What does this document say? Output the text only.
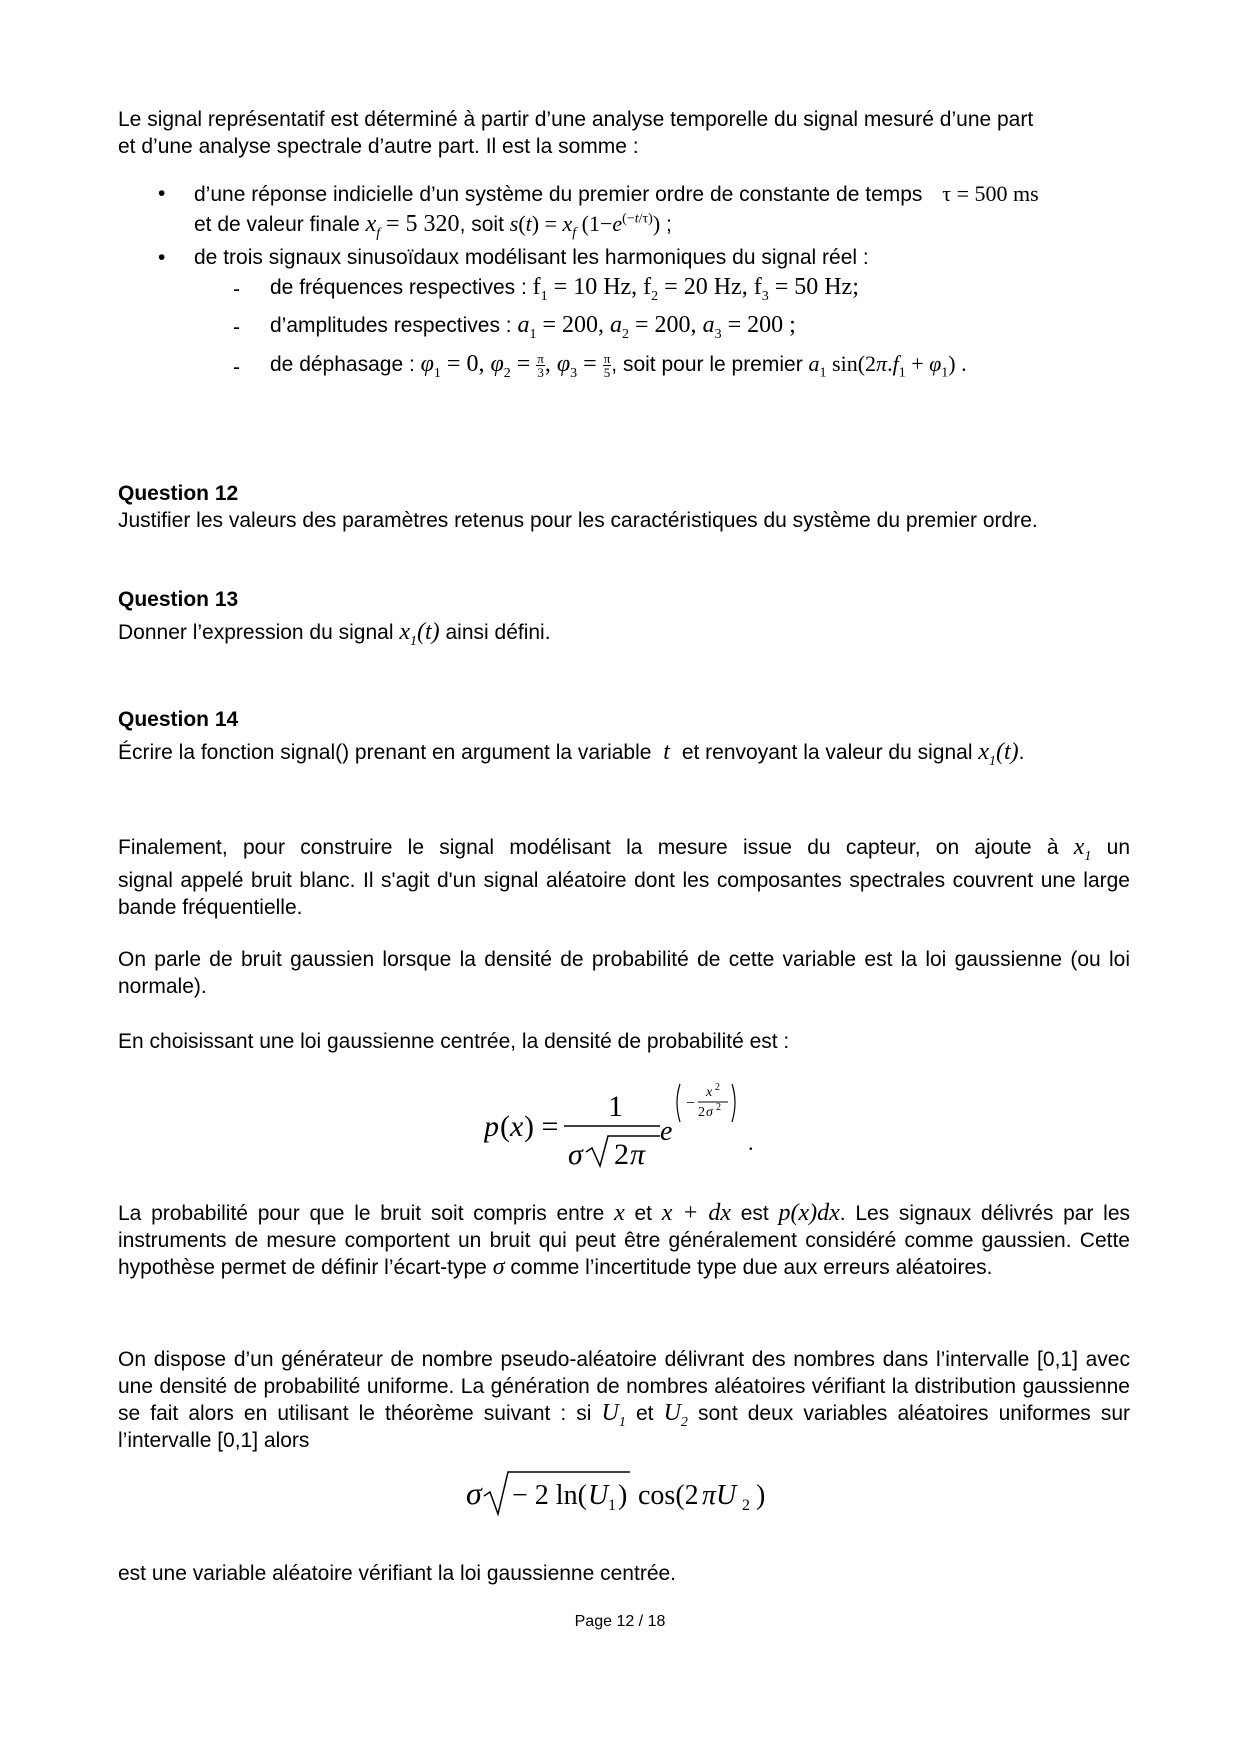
Le signal représentatif est déterminé à partir d’une analyse temporelle du signal mesuré d’une part
et d’une analyse spectrale d’autre part. Il est la somme :
• d’une réponse indicielle d’un système du premier ordre de constante de temps τ = 500 ms
et de valeur finale $x_f = 5$ 320, soit $s(t) = x_f$ $(1-e^{(-t/\tau)})$ ;
• de trois signaux sinusoïdaux modélisant les harmoniques du signal réel :
- de fréquences respectives : $f_1 = 10$ Hz, $f_2 = 20$ Hz, $f_3 = 50$ Hz;
- d’amplitudes respectives : $a_1 = 200$, $a_2 = 200$, $a_3 = 200$ ;
- de déphasage : $\varphi_1 = 0$, $\varphi_2 = \frac{\pi}{3}$ , $\varphi_3 = \frac{\pi}{5}$ , soit pour le premier $a_1$ $\sin(2\pi.f_1 + \varphi_1)$ .
Question 12
Justifier les valeurs des paramètres retenus pour les caractéristiques du système du premier ordre.
Question 13
Donner l’expression du signal $x_1(t)$ ainsi défini.
Question 14
Écrire la fonction signal() prenant en argument la variable t et renvoyant la valeur du signal $x_1(t)$.
Finalement, pour construire le signal modélisant la mesure issue du capteur, on ajoute à $x_1$ un
signal appelé bruit blanc. Il s'agit d'un signal aléatoire dont les composantes spectrales couvrent une large bande fréquentielle.
On parle de bruit gaussien lorsque la densité de probabilité de cette variable est la loi gaussienne (ou loi normale).
En choisissant une loi gaussienne centrée, la densité de probabilité est :
p ( x ) =
1
σ 2 π
e
−
x 2
2 σ 2
.
La probabilité pour que le bruit soit compris entre x et x + dx est p(x)dx. Les signaux délivrés par les instruments de mesure comportent un bruit qui peut être généralement considéré comme gaussien. Cette hypothèse permet de définir l’écart-type σ comme l’incertitude type due aux erreurs aléatoires.
On dispose d’un générateur de nombre pseudo-aléatoire délivrant des nombres dans l’intervalle [0,1] avec une densité de probabilité uniforme. La génération de nombres aléatoires vérifiant la distribution gaussienne se fait alors en utilisant le théorème suivant : si $U_1$ et $U_2$ sont deux variables aléatoires uniformes sur l’intervalle [0,1] alors
σ − 2 ln( U 1 ) cos(2 πU 2 )
est une variable aléatoire vérifiant la loi gaussienne centrée.
Page 12 / 18
